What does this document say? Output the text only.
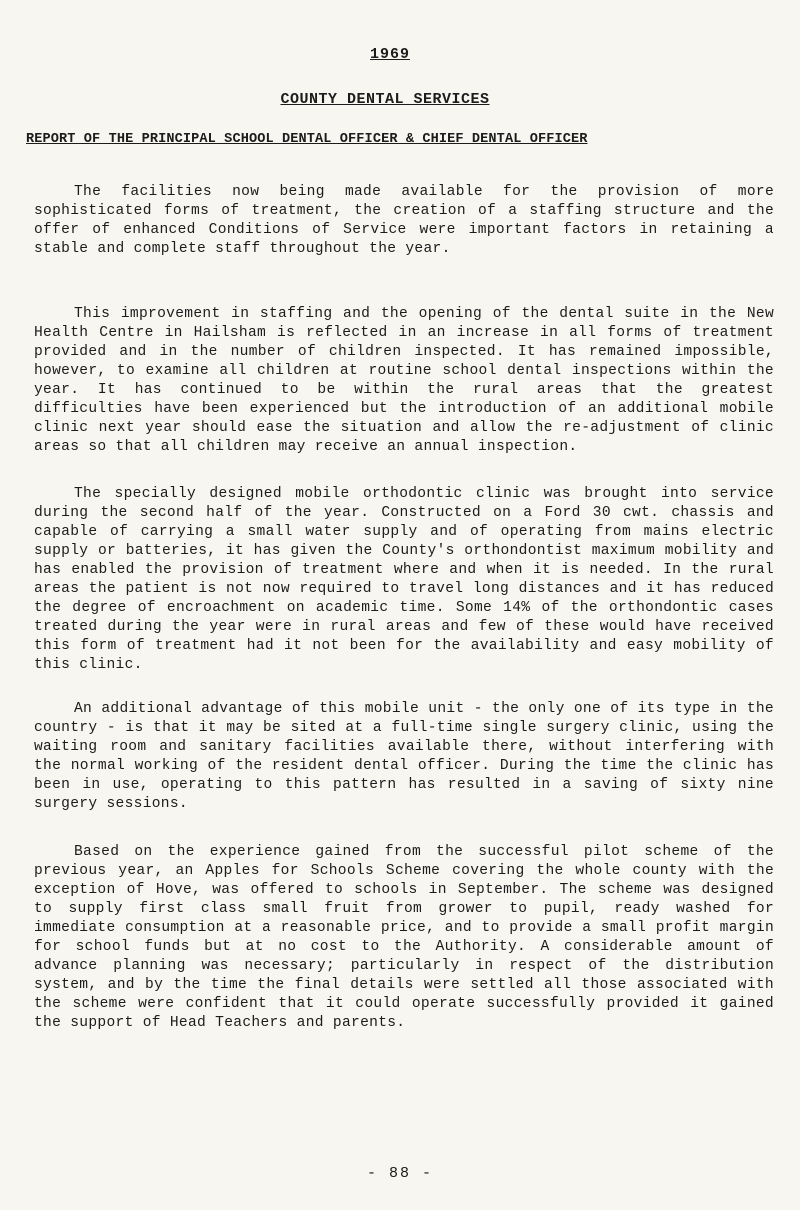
1969
COUNTY DENTAL SERVICES
REPORT OF THE PRINCIPAL SCHOOL DENTAL OFFICER & CHIEF DENTAL OFFICER
The facilities now being made available for the provision of more sophisticated forms of treatment, the creation of a staffing structure and the offer of enhanced Conditions of Service were important factors in retaining a stable and complete staff throughout the year.
This improvement in staffing and the opening of the dental suite in the New Health Centre in Hailsham is reflected in an increase in all forms of treatment provided and in the number of children inspected. It has remained impossible, however, to examine all children at routine school dental inspections within the year. It has continued to be within the rural areas that the greatest difficulties have been experienced but the introduction of an additional mobile clinic next year should ease the situation and allow the re-adjustment of clinic areas so that all children may receive an annual inspection.
The specially designed mobile orthodontic clinic was brought into service during the second half of the year. Constructed on a Ford 30 cwt. chassis and capable of carrying a small water supply and of operating from mains electric supply or batteries, it has given the County's orthondontist maximum mobility and has enabled the provision of treatment where and when it is needed. In the rural areas the patient is not now required to travel long distances and it has reduced the degree of encroachment on academic time. Some 14% of the orthondontic cases treated during the year were in rural areas and few of these would have received this form of treatment had it not been for the availability and easy mobility of this clinic.
An additional advantage of this mobile unit - the only one of its type in the country - is that it may be sited at a full-time single surgery clinic, using the waiting room and sanitary facilities available there, without interfering with the normal working of the resident dental officer. During the time the clinic has been in use, operating to this pattern has resulted in a saving of sixty nine surgery sessions.
Based on the experience gained from the successful pilot scheme of the previous year, an Apples for Schools Scheme covering the whole county with the exception of Hove, was offered to schools in September. The scheme was designed to supply first class small fruit from grower to pupil, ready washed for immediate consumption at a reasonable price, and to provide a small profit margin for school funds but at no cost to the Authority. A considerable amount of advance planning was necessary; particularly in respect of the distribution system, and by the time the final details were settled all those associated with the scheme were confident that it could operate successfully provided it gained the support of Head Teachers and parents.
- 88 -
